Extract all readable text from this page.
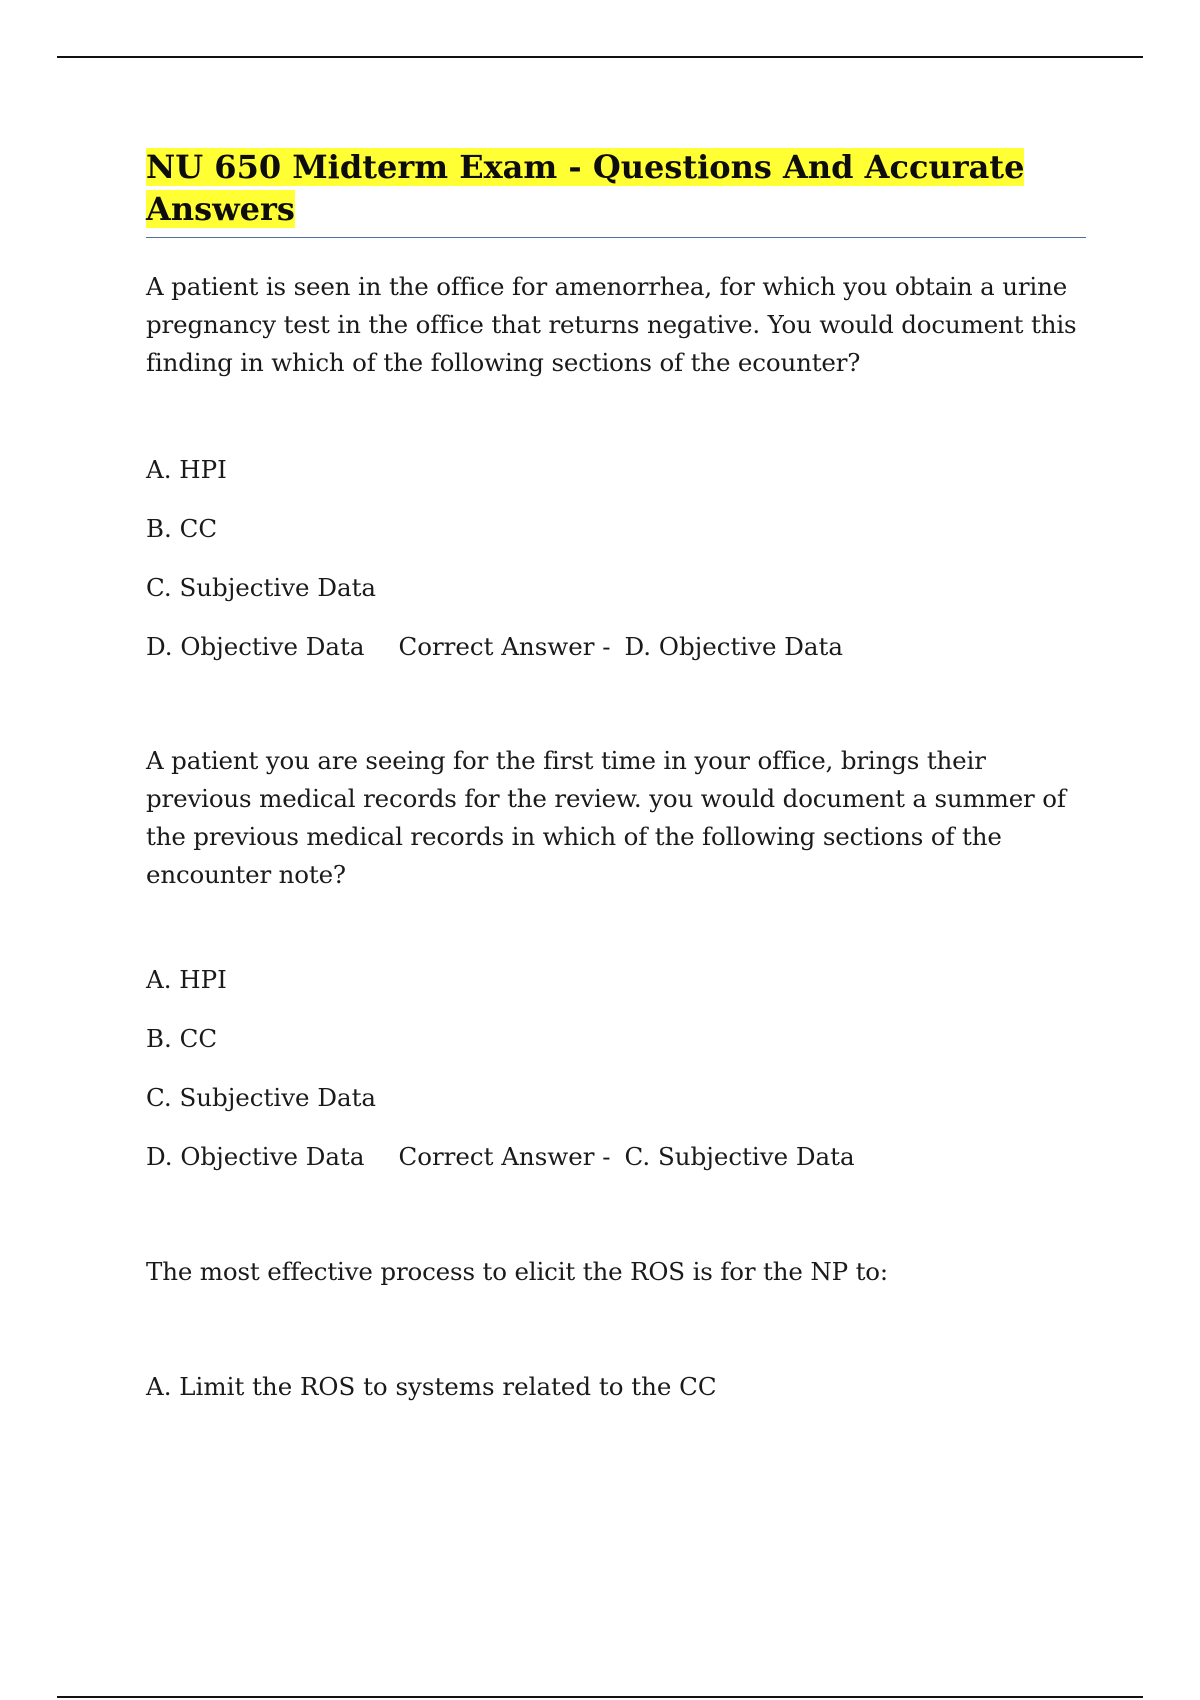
NU 650 Midterm Exam - Questions And Accurate
Answers

A patient is seen in the office for amenorrhea, for which you obtain a urine pregnancy test in the office that returns negative. You would document this finding in which of the following sections of the ecounter?

A. HPI

B. CC

C. Subjective Data

D. Objective Data Correct Answer - D. Objective Data

A patient you are seeing for the first time in your office, brings their previous medical records for the review. you would document a summer of the previous medical records in which of the following sections of the encounter note?

A. HPI

B. CC

C. Subjective Data

D. Objective Data Correct Answer - C. Subjective Data

The most effective process to elicit the ROS is for the NP to:

A. Limit the ROS to systems related to the CC
